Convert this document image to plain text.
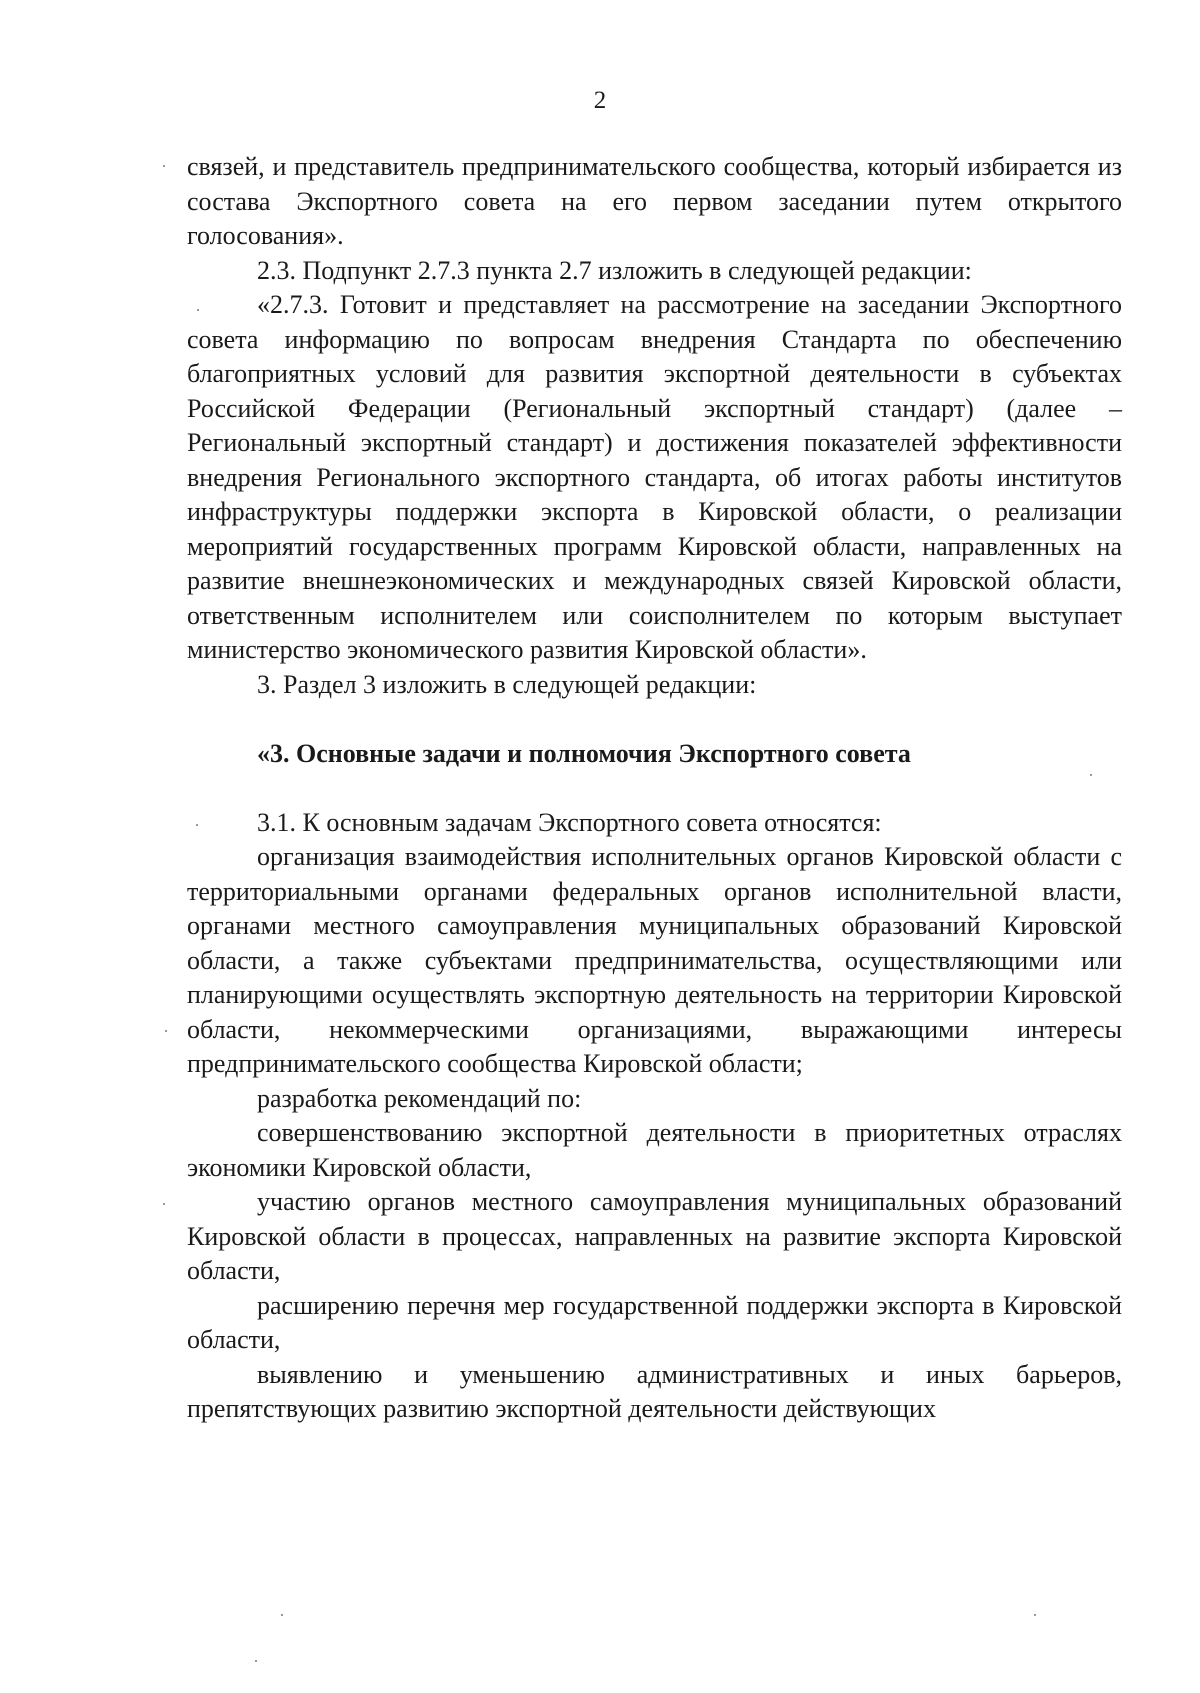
2

связей, и представитель предпринимательского сообщества, который избирается из состава Экспортного совета на его первом заседании путем открытого голосования».

2.3. Подпункт 2.7.3 пункта 2.7 изложить в следующей редакции:

«2.7.3. Готовит и представляет на рассмотрение на заседании Экспортного совета информацию по вопросам внедрения Стандарта по обеспечению благоприятных условий для развития экспортной деятельности в субъектах Российской Федерации (Региональный экспортный стандарт) (далее – Региональный экспортный стандарт) и достижения показателей эффективности внедрения Регионального экспортного стандарта, об итогах работы институтов инфраструктуры поддержки экспорта в Кировской области, о реализации мероприятий государственных программ Кировской области, направленных на развитие внешнеэкономических и международных связей Кировской области, ответственным исполнителем или соисполнителем по которым выступает министерство экономического развития Кировской области».

3. Раздел 3 изложить в следующей редакции:

«3. Основные задачи и полномочия Экспортного совета

3.1. К основным задачам Экспортного совета относятся:

организация взаимодействия исполнительных органов Кировской области с территориальными органами федеральных органов исполнительной власти, органами местного самоуправления муниципальных образований Кировской области, а также субъектами предпринимательства, осуществляющими или планирующими осуществлять экспортную деятельность на территории Кировской области, некоммерческими организациями, выражающими интересы предпринимательского сообщества Кировской области;

разработка рекомендаций по:

совершенствованию экспортной деятельности в приоритетных отраслях экономики Кировской области,

участию органов местного самоуправления муниципальных образований Кировской области в процессах, направленных на развитие экспорта Кировской области,

расширению перечня мер государственной поддержки экспорта в Кировской области,

выявлению и уменьшению административных и иных барьеров, препятствующих развитию экспортной деятельности действующих
